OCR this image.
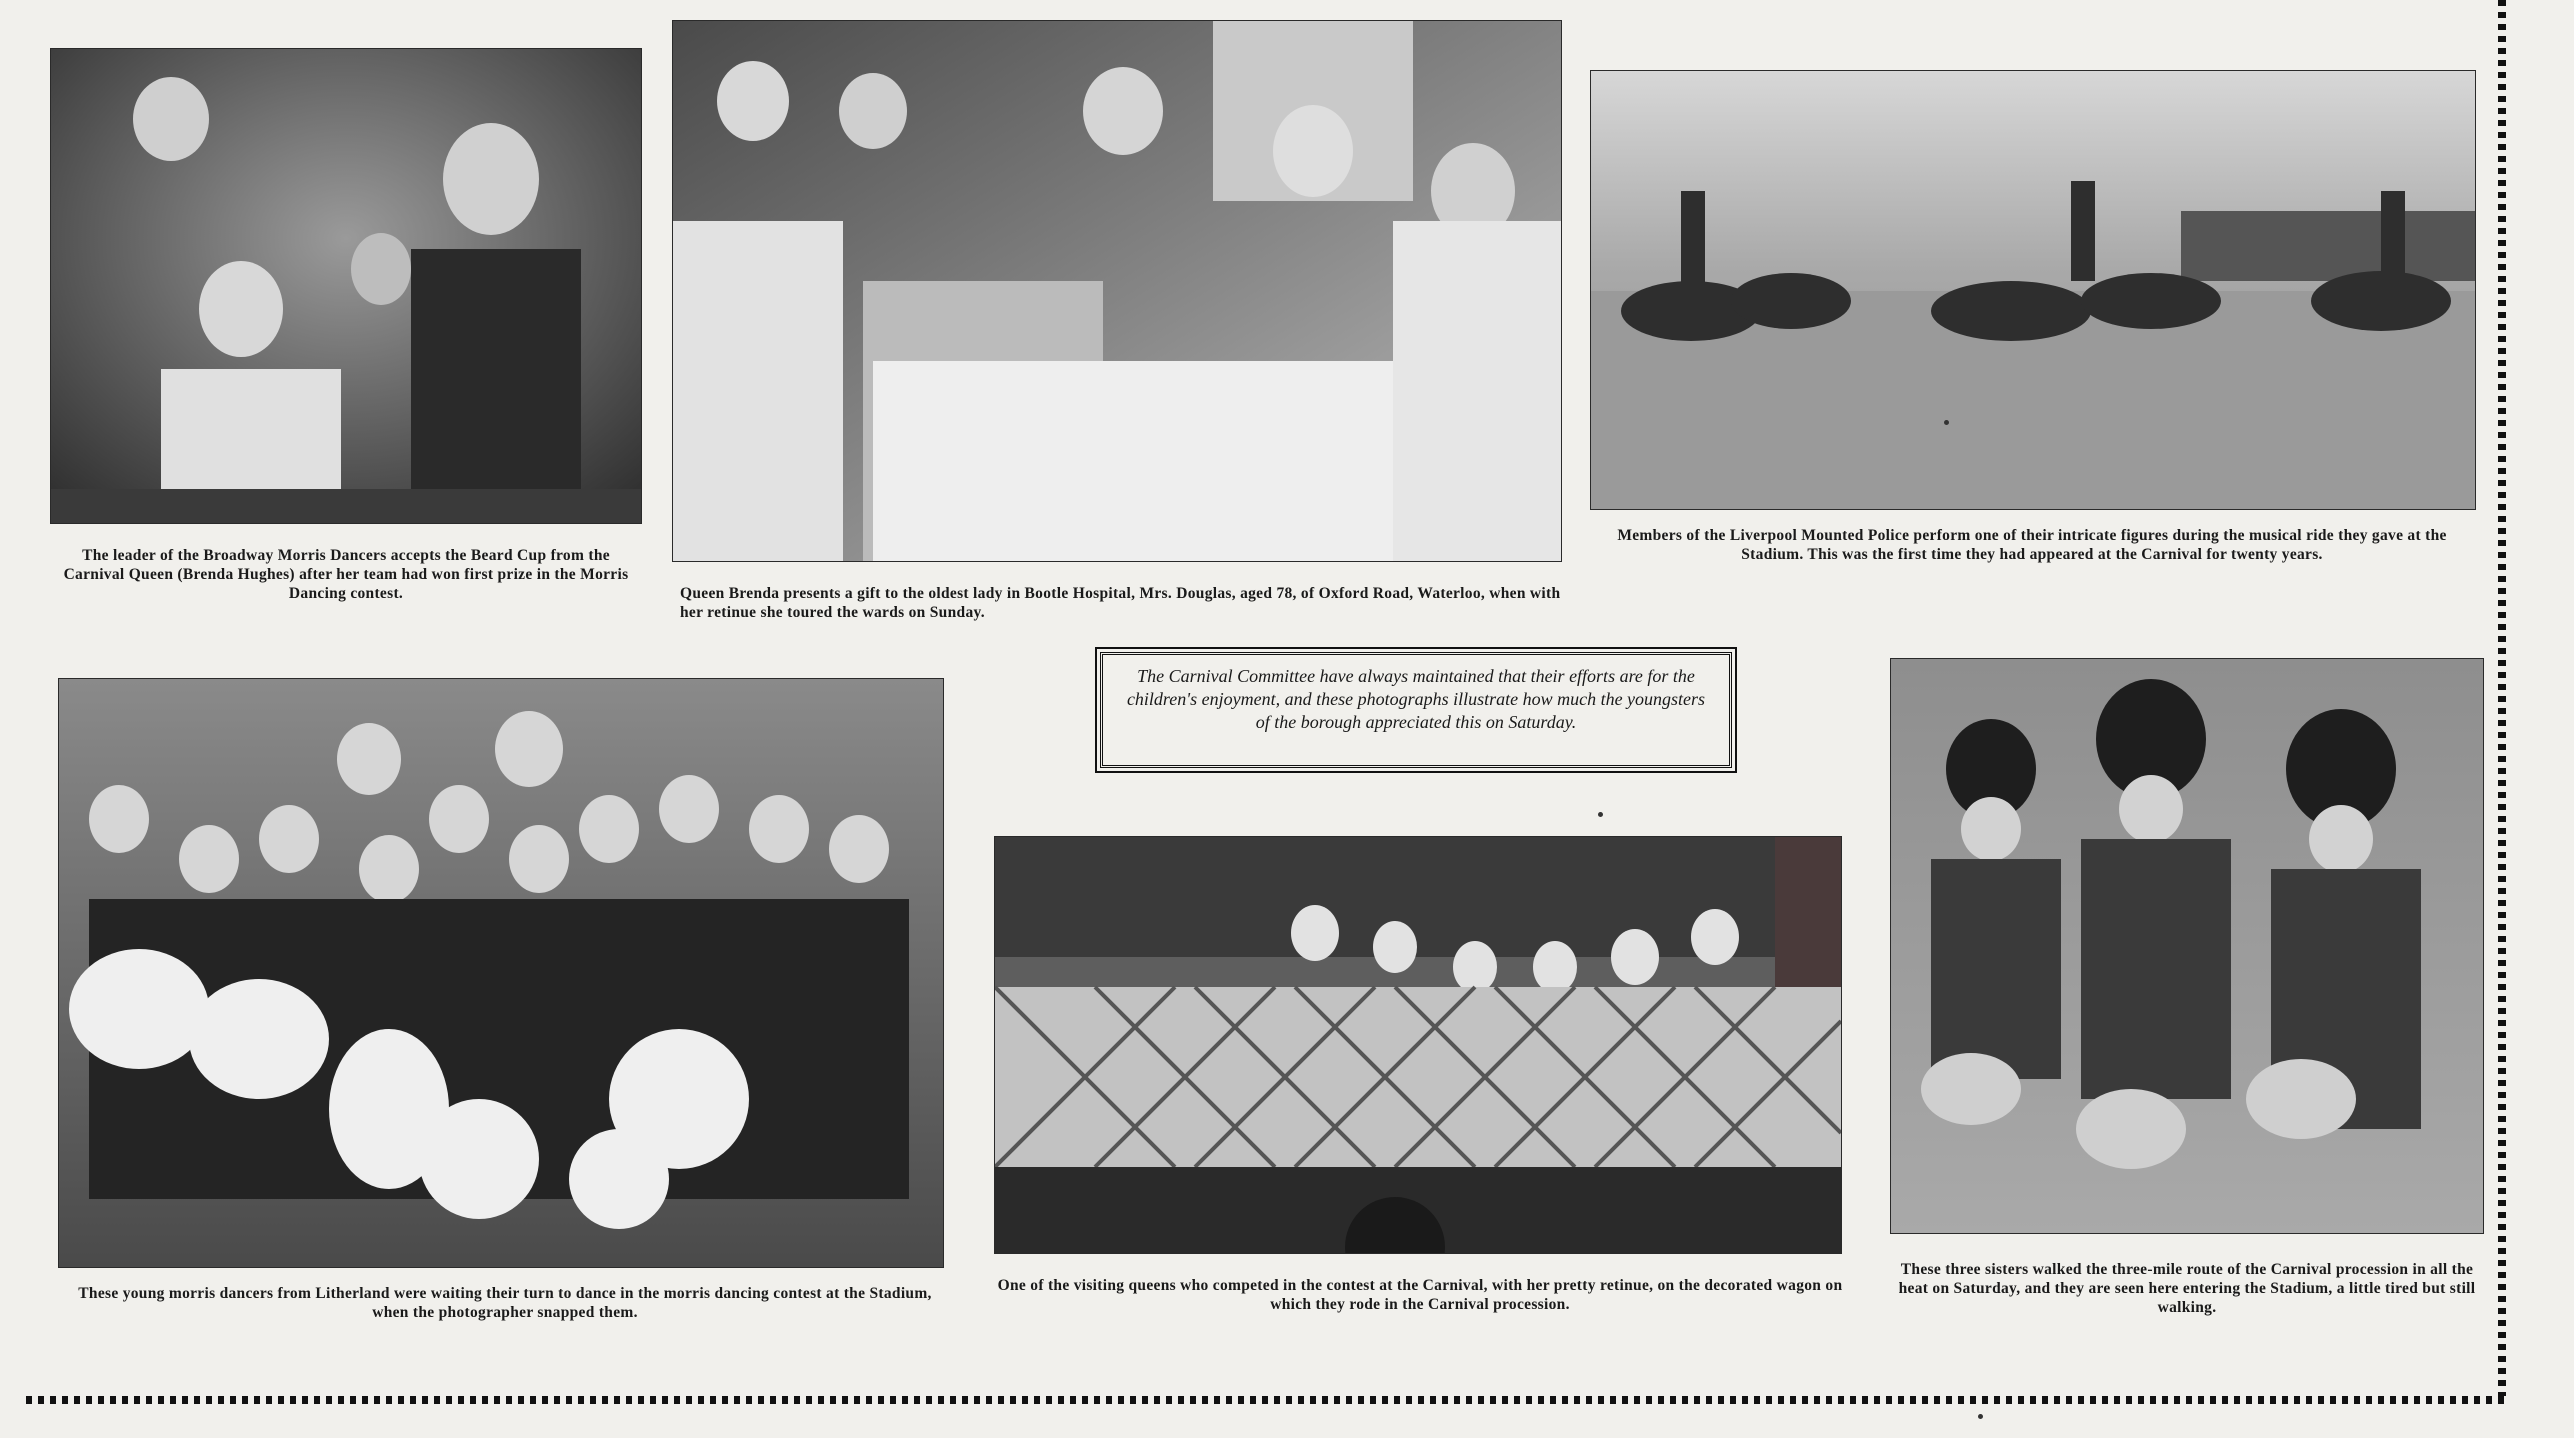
The leader of the Broadway Morris Dancers accepts the Beard Cup from the Carnival Queen (Brenda Hughes) after her team had won first prize in the Morris Dancing contest.	Queen Brenda presents a gift to the oldest lady in Bootle Hospital, Mrs. Douglas, aged 78, of Oxford Road, Waterloo, when with her retinue she toured the wards on Sunday.
Members of the Liverpool Mounted Police perform one of their intricate figures during the musical ride they gave at the Stadium. This was the first time they had appeared at the Carnival for twenty years.
These young morris dancers from Litherland were waiting their turn to dance in the morris dancing contest at the Stadium, when the photographer snapped them.
The Carnival Committee have always maintained that their efforts are for the children's enjoyment, and these photographs illustrate how much the youngsters of the borough appreciated this on Saturday.
One of the visiting queens who competed in the contest at the Carnival, with her pretty retinue, on the decorated wagon on which they rode in the Carnival procession.
These three sisters walked the three-mile route of the Carnival procession in all the heat on Saturday, and they are seen here entering the Stadium, a little tired but still walking.
